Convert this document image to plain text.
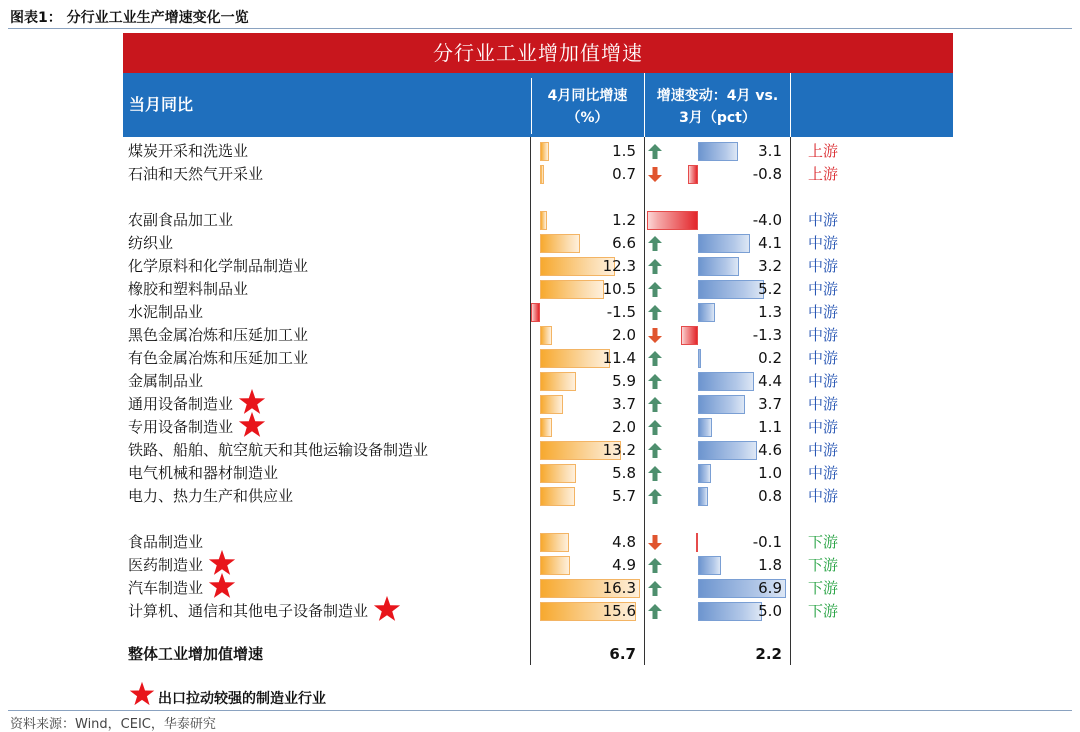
图表1： 分行业工业生产增速变化一览
分行业工业增加值增速
当月同比	4月同比增速
（%）
增速变动：4月 vs.
3月（pct）
煤炭开采和洗选业	1.5	3.1 上游
石油和天然气开采业	0.7	-0.8 上游
农副食品加工业	1.2	-4.0 中游
纺织业	6.6	4.1 中游
化学原料和化学制品制造业	12.3	3.2 中游
橡胶和塑料制品业	10.5	5.2 中游
水泥制品业	-1.5	1.3 中游
黑色金属冶炼和压延加工业	2.0	-1.3 中游
有色金属冶炼和压延加工业	11.4	0.2 中游
金属制品业	5.9	4.4 中游
通用设备制造业	3.7	3.7 中游
专用设备制造业	2.0	1.1 中游
铁路、船舶、航空航天和其他运输设备制造业	13.2	4.6 中游
电气机械和器材制造业	5.8	1.0 中游
电力、热力生产和供应业	5.7	0.8 中游
食品制造业	4.8	-0.1 下游
医药制造业	4.9	1.8 下游
汽车制造业	16.3	6.9 下游
计算机、通信和其他电子设备制造业	15.6	5.0 下游
整体工业增加值增速	6.7	2.2
出口拉动较强的制造业行业
资料来源：Wind，CEIC，华泰研究
